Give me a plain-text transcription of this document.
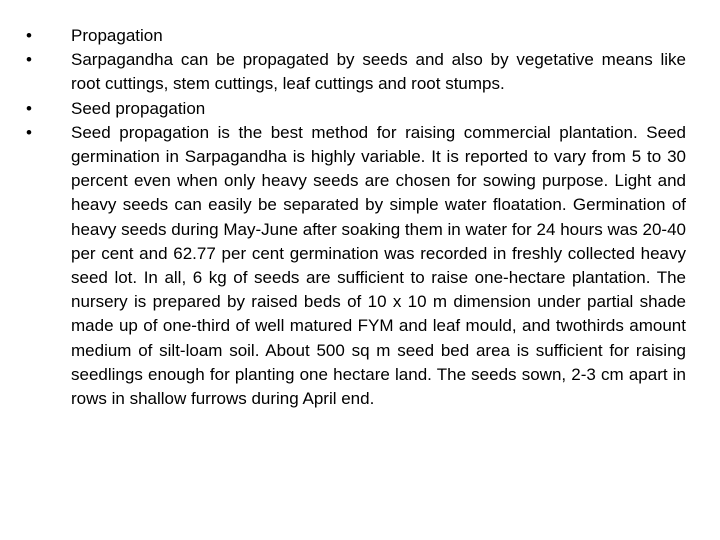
•	Propagation
•	Sarpagandha can be propagated by seeds and also by vegetative means like root cuttings, stem cuttings, leaf cuttings and root stumps.
•	Seed propagation
•	Seed propagation is the best method for raising commercial plantation. Seed germination in Sarpagandha is highly variable. It is reported to vary from 5 to 30 percent even when only heavy seeds are chosen for sowing purpose. Light and heavy seeds can easily be separated by simple water floatation. Germination of heavy seeds during May-June after soaking them in water for 24 hours was 20-40 per cent and 62.77 per cent germination was recorded in freshly collected heavy seed lot. In all, 6 kg of seeds are sufficient to raise one-hectare plantation. The nursery is prepared by raised beds of 10 x 10 m dimension under partial shade made up of one-third of well matured FYM and leaf mould, and twothirds amount medium of silt-loam soil. About 500 sq m seed bed area is sufficient for raising seedlings enough for planting one hectare land. The seeds sown, 2-3 cm apart in rows in shallow furrows during April end.
